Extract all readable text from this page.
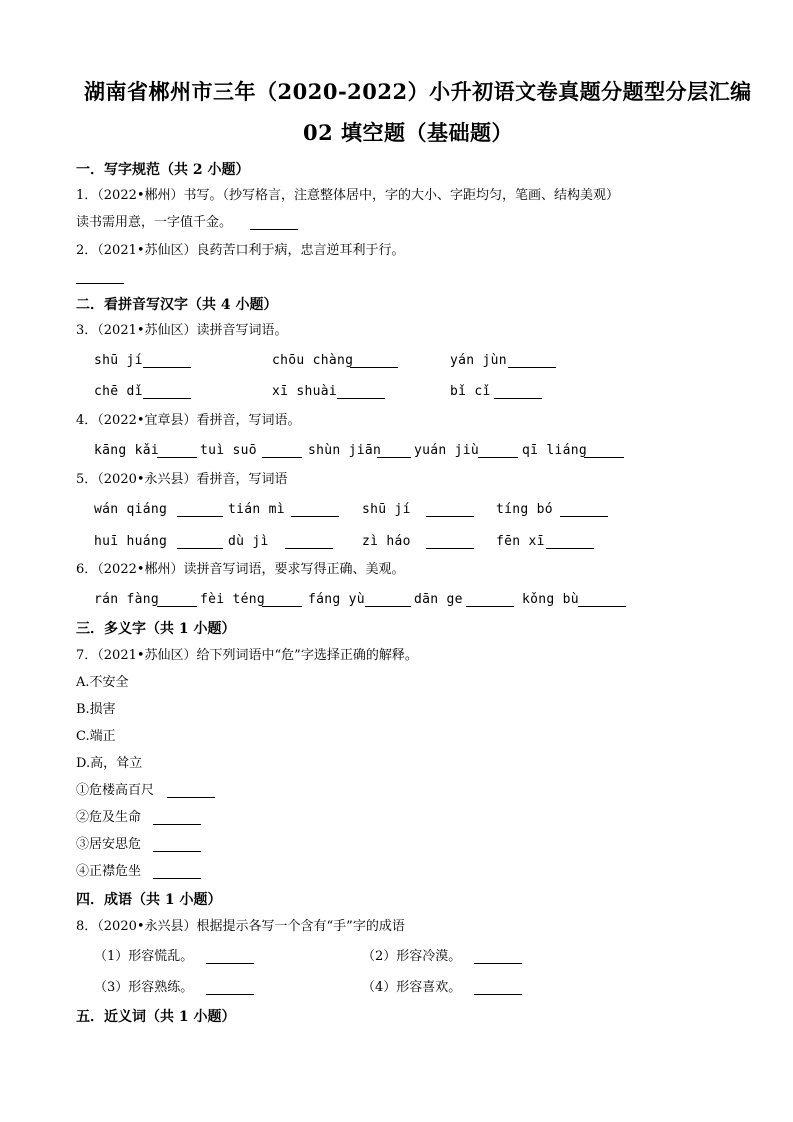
湖南省郴州市三年（2020-2022）小升初语文卷真题分题型分层汇编
02 填空题（基础题）
一．写字规范（共 2 小题）
1．（2022•郴州）书写。（抄写格言，注意整体居中，字的大小、字距均匀，笔画、结构美观）
读书需用意，一字值千金。
2．（2021•苏仙区）良药苦口利于病，忠言逆耳利于行。
二．看拼音写汉字（共 4 小题）
3．（2021•苏仙区）读拼音写词语。
shū jí	chōu chàng	yán jùn
chē dǐ	xī shuài	bǐ cǐ
4．（2022•宜章县）看拼音，写词语。
kāng kǎi	tuì suō	shùn jiān	yuán jiù	qī liáng
5．（2020•永兴县）看拼音，写词语
wán qiáng	tián mì	shū jí	tíng bó
huī huáng	dù jì	zì háo	fēn xī
6．（2022•郴州）读拼音写词语，要求写得正确、美观。
rán fàng	fèi téng	fáng yù	dān ge	kǒng bù
三．多义字（共 1 小题）
7．（2021•苏仙区）给下列词语中“危”字选择正确的解释。
A.不安全
B.损害
C.端正
D.高，耸立
①危楼高百尺
②危及生命
③居安思危
④正襟危坐
四．成语（共 1 小题）
8．（2020•永兴县）根据提示各写一个含有“手”字的成语
（1）形容慌乱。	（2）形容冷漠。
（3）形容熟练。	（4）形容喜欢。
五．近义词（共 1 小题）
